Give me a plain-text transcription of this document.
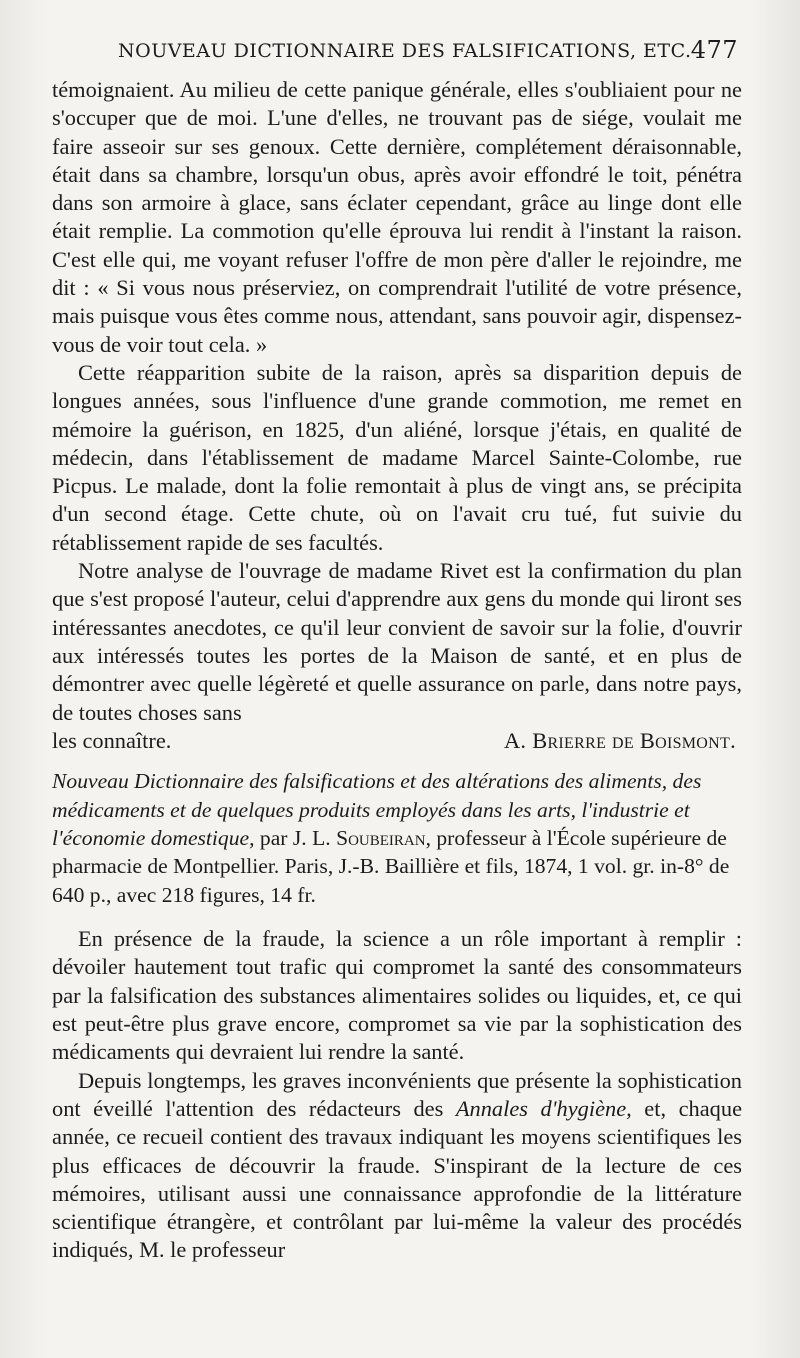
NOUVEAU DICTIONNAIRE DES FALSIFICATIONS, ETC. 477

témoignaient. Au milieu de cette panique générale, elles s'oubliaient pour ne s'occuper que de moi. L'une d'elles, ne trouvant pas de siége, voulait me faire asseoir sur ses genoux. Cette dernière, complétement déraisonnable, était dans sa chambre, lorsqu'un obus, après avoir effondré le toit, pénétra dans son armoire à glace, sans éclater cependant, grâce au linge dont elle était remplie. La commotion qu'elle éprouva lui rendit à l'instant la raison. C'est elle qui, me voyant refuser l'offre de mon père d'aller le rejoindre, me dit : « Si vous nous préserviez, on comprendrait l'utilité de votre présence, mais puisque vous êtes comme nous, attendant, sans pouvoir agir, dispensez-vous de voir tout cela. »

Cette réapparition subite de la raison, après sa disparition depuis de longues années, sous l'influence d'une grande commotion, me remet en mémoire la guérison, en 1825, d'un aliéné, lorsque j'étais, en qualité de médecin, dans l'établissement de madame Marcel Sainte-Colombe, rue Picpus. Le malade, dont la folie remontait à plus de vingt ans, se précipita d'un second étage. Cette chute, où on l'avait cru tué, fut suivie du rétablissement rapide de ses facultés.

Notre analyse de l'ouvrage de madame Rivet est la confirmation du plan que s'est proposé l'auteur, celui d'apprendre aux gens du monde qui liront ses intéressantes anecdotes, ce qu'il leur convient de savoir sur la folie, d'ouvrir aux intéressés toutes les portes de la Maison de santé, et en plus de démontrer avec quelle légèreté et quelle assurance on parle, dans notre pays, de toutes choses sans

les connaître.	A. Brierre de Boismont.
Nouveau Dictionnaire des falsifications et des altérations des aliments, des médicaments et de quelques produits employés dans les arts, l'industrie et l'économie domestique, par J. L. Soubeiran, professeur à l'École supérieure de pharmacie de Montpellier. Paris, J.-B. Baillière et fils, 1874, 1 vol. gr. in-8° de 640 p., avec 218 figures, 14 fr.

En présence de la fraude, la science a un rôle important à remplir : dévoiler hautement tout trafic qui compromet la santé des consommateurs par la falsification des substances alimentaires solides ou liquides, et, ce qui est peut-être plus grave encore, compromet sa vie par la sophistication des médicaments qui devraient lui rendre la santé.

Depuis longtemps, les graves inconvénients que présente la sophistication ont éveillé l'attention des rédacteurs des Annales d'hygiène, et, chaque année, ce recueil contient des travaux indiquant les moyens scientifiques les plus efficaces de découvrir la fraude. S'inspirant de la lecture de ces mémoires, utilisant aussi une connaissance approfondie de la littérature scientifique étrangère, et contrôlant par lui-même la valeur des procédés indiqués, M. le professeur
